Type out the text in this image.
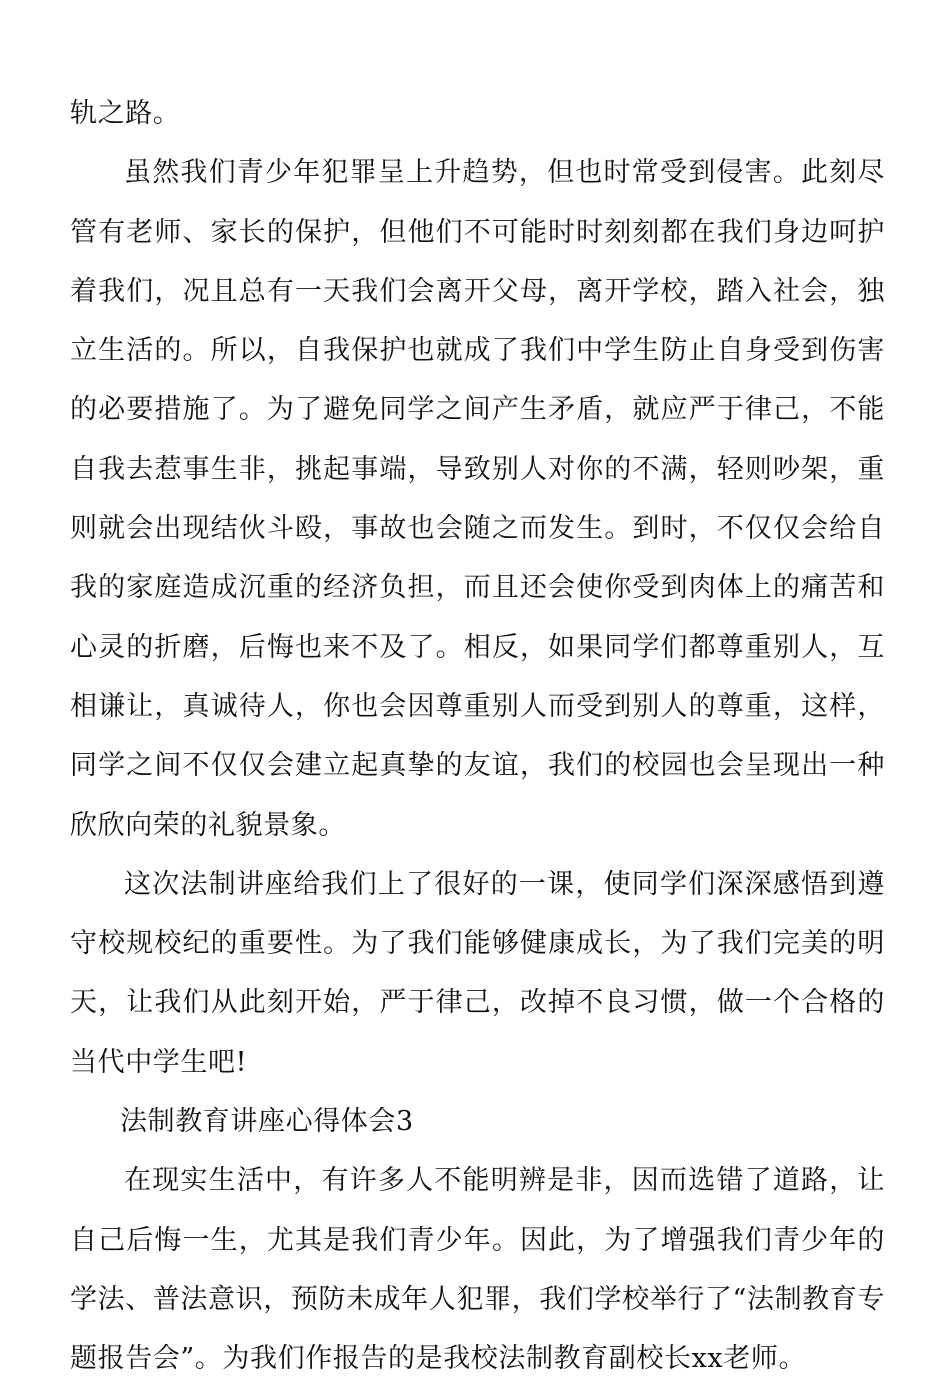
轨之路。

虽然我们青少年犯罪呈上升趋势，但也时常受到侵害。此刻尽管有老师、家长的保护，但他们不可能时时刻刻都在我们身边呵护着我们，况且总有一天我们会离开父母，离开学校，踏入社会，独立生活的。所以，自我保护也就成了我们中学生防止自身受到伤害的必要措施了。为了避免同学之间产生矛盾，就应严于律己，不能自我去惹事生非，挑起事端，导致别人对你的不满，轻则吵架，重则就会出现结伙斗殴，事故也会随之而发生。到时，不仅仅会给自我的家庭造成沉重的经济负担，而且还会使你受到肉体上的痛苦和心灵的折磨，后悔也来不及了。相反，如果同学们都尊重别人，互相谦让，真诚待人，你也会因尊重别人而受到别人的尊重，这样，同学之间不仅仅会建立起真挚的友谊，我们的校园也会呈现出一种欣欣向荣的礼貌景象。

这次法制讲座给我们上了很好的一课，使同学们深深感悟到遵守校规校纪的重要性。为了我们能够健康成长，为了我们完美的明天，让我们从此刻开始，严于律己，改掉不良习惯，做一个合格的当代中学生吧!

法制教育讲座心得体会3

在现实生活中，有许多人不能明辨是非，因而选错了道路，让自己后悔一生，尤其是我们青少年。因此，为了增强我们青少年的学法、普法意识，预防未成年人犯罪，我们学校举行了“法制教育专题报告会”。为我们作报告的是我校法制教育副校长xx老师。
